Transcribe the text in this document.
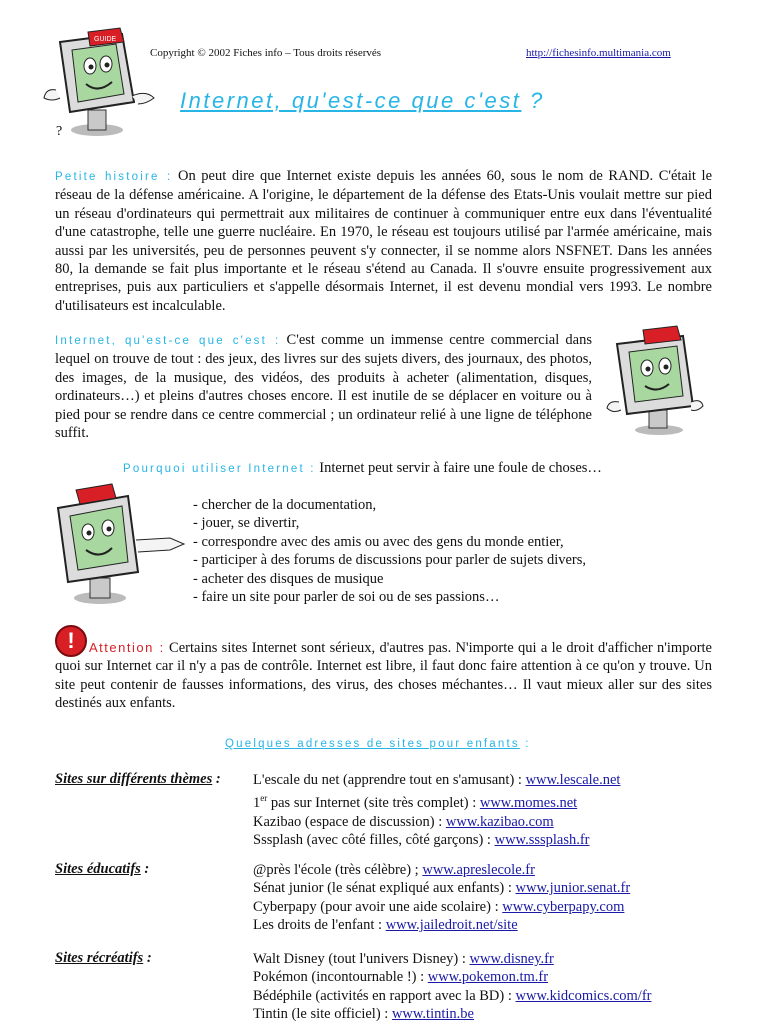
Copyright © 2002 Fiches info – Tous droits réservés	http://fichesinfo.multimania.com
GUIDE
Internet, qu'est-ce que c'est ?
?

Petite histoire : On peut dire que Internet existe depuis les années 60, sous le nom de RAND. C'était le réseau de la défense américaine. A l'origine, le département de la défense des Etats-Unis voulait mettre sur pied un réseau d'ordinateurs qui permettrait aux militaires de continuer à communiquer entre eux dans l'éventualité d'une catastrophe, telle une guerre nucléaire. En 1970, le réseau est toujours utilisé par l'armée américaine, mais aussi par les universités, peu de personnes peuvent s'y connecter, il se nomme alors NSFNET. Dans les années 80, la demande se fait plus importante et le réseau s'étend au Canada. Il s'ouvre ensuite progressivement aux entreprises, puis aux particuliers et s'appelle désormais Internet, il est devenu mondial vers 1993. Le nombre d'utilisateurs est incalculable.

Internet, qu'est-ce que c'est : C'est comme un immense centre commercial dans lequel on trouve de tout : des jeux, des livres sur des sujets divers, des journaux, des photos, des images, de la musique, des vidéos, des produits à acheter (alimentation, disques, ordinateurs…) et pleins d'autres choses encore. Il est inutile de se déplacer en voiture ou à pied pour se rendre dans ce centre commercial ; un ordinateur relié à une ligne de téléphone suffit.

Pourquoi utiliser Internet : Internet peut servir à faire une foule de choses…
- chercher de la documentation,
- jouer, se divertir,
- correspondre avec des amis ou avec des gens du monde entier,
- participer à des forums de discussions pour parler de sujets divers,
- acheter des disques de musique
- faire un site pour parler de soi ou de ses passions…
!	Attention : Certains sites Internet sont sérieux, d'autres pas. N'importe qui a le droit d'afficher n'importe quoi sur Internet car il n'y a pas de contrôle. Internet est libre, il faut donc faire attention à ce qu'on y trouve. Un site peut contenir de fausses informations, des virus, des choses méchantes… Il vaut mieux aller sur des sites destinés aux enfants.

Quelques adresses de sites pour enfants :
Sites sur différents thèmes : L'escale du net (apprendre tout en s'amusant) : www.lescale.net
1er pas sur Internet (site très complet) : www.momes.net
Kazibao (espace de discussion) : www.kazibao.com
Sssplash (avec côté filles, côté garçons) : www.sssplash.fr
Sites éducatifs :	@près l'école (très célèbre) ; www.apreslecole.fr
Sénat junior (le sénat expliqué aux enfants) : www.junior.senat.fr
Cyberpapy (pour avoir une aide scolaire) : www.cyberpapy.com
Les droits de l'enfant : www.jailedroit.net/site
Sites récréatifs :	Walt Disney (tout l'univers Disney) : www.disney.fr
Pokémon (incontournable !) : www.pokemon.tm.fr
Bédéphile (activités en rapport avec la BD) : www.kidcomics.com/fr
Tintin (le site officiel) : www.tintin.be
